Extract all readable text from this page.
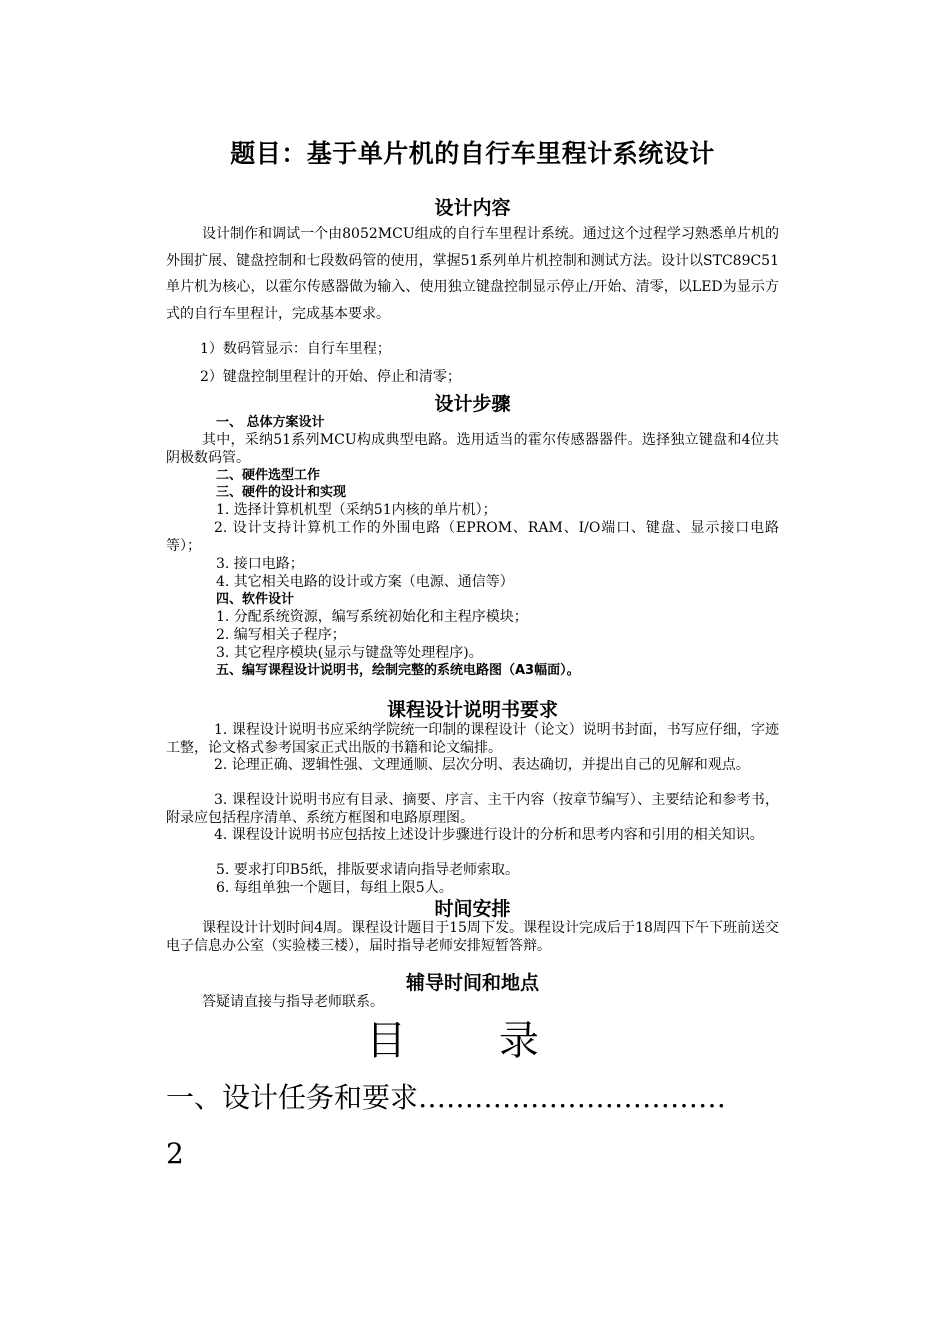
题目：基于单片机的自行车里程计系统设计
设计内容
设计制作和调试一个由8052MCU组成的自行车里程计系统。通过这个过程学习熟悉单片机的外围扩展、键盘控制和七段数码管的使用，掌握51系列单片机控制和测试方法。设计以STC89C51单片机为核心，以霍尔传感器做为输入、使用独立键盘控制显示停止/开始、清零，以LED为显示方式的自行车里程计，完成基本要求。
1）数码管显示：自行车里程；
2）键盘控制里程计的开始、停止和清零；
设计步骤
一、 总体方案设计
其中，采纳51系列MCU构成典型电路。选用适当的霍尔传感器器件。选择独立键盘和4位共阴极数码管。
二、硬件选型工作
三、硬件的设计和实现
1. 选择计算机机型（采纳51内核的单片机）；
2. 设计支持计算机工作的外围电路（EPROM、RAM、I/O端口、键盘、显示接口电路等）；
3. 接口电路；
4. 其它相关电路的设计或方案（电源、通信等）
四、软件设计
1. 分配系统资源，编写系统初始化和主程序模块；
2. 编写相关子程序；
3. 其它程序模块(显示与键盘等处理程序)。
五、编写课程设计说明书，绘制完整的系统电路图（A3幅面）。
课程设计说明书要求
1. 课程设计说明书应采纳学院统一印制的课程设计（论文）说明书封面，书写应仔细，字迹工整，论文格式参考国家正式出版的书籍和论文编排。
2. 论理正确、逻辑性强、文理通顺、层次分明、表达确切，并提出自己的见解和观点。
3. 课程设计说明书应有目录、摘要、序言、主干内容（按章节编写）、主要结论和参考书，附录应包括程序清单、系统方框图和电路原理图。
4. 课程设计说明书应包括按上述设计步骤进行设计的分析和思考内容和引用的相关知识。
5. 要求打印B5纸，排版要求请向指导老师索取。
6. 每组单独一个题目，每组上限5人。
时间安排
课程设计计划时间4周。课程设计题目于15周下发。课程设计完成后于18周四下午下班前送交电子信息办公室（实验楼三楼），届时指导老师安排短暂答辩。
辅导时间和地点
答疑请直接与指导老师联系。
目 录
一、设计任务和要求……………………………
2
